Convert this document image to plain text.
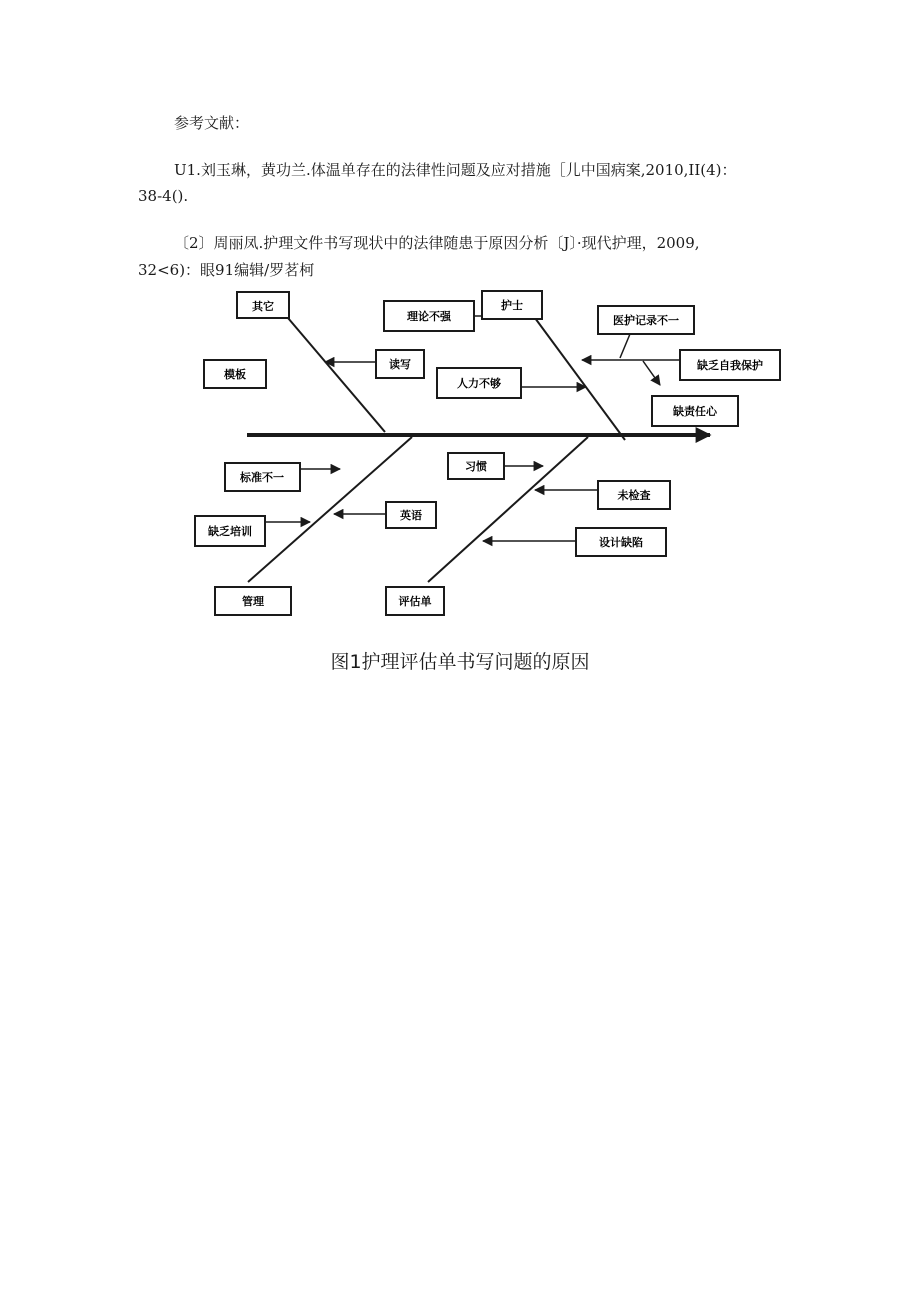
参考文献：
U1.刘玉琳，黄功兰.体温单存在的法律性问题及应对措施［儿中国病案,2010,II(4)：
38-4().
〔2〕周丽凤.护理文件书写现状中的法律随患于原因分析〔J〕·现代护理，2009,
32<6)：眼91编辑/罗茗柯
其它
理论不强
护士
医护记录不一
模板
读写
人力不够
缺乏自我保护
缺责任心
标准不一
习惯
未检查
英语
缺乏培训
设计缺陷
管理	评估单
图1护理评估单书写问题的原因
